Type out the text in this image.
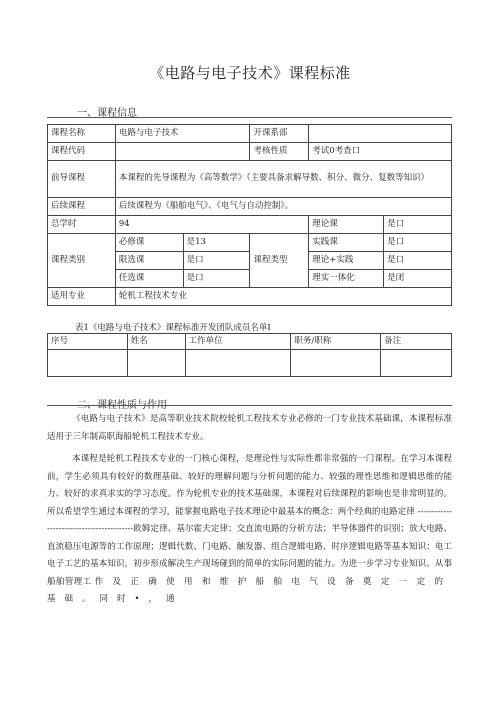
《电路与电子技术》课程标准
一、课程信息
课程名称	电路与电子技术		开课系部		
课程代码			考核性质	考试0考查口	
前导课程	本课程的先导课程为《高等数学》（主要具备求解导数、积分、微分、复数等知识）				
后续课程	后续课程为《船舶电气》、《电气与自动控制》。				
总学时	94			理论课	是口
课程类别	必修课	是13	课程类型	实践课	是口
	限选课	是口		理论+实践	是口
	任选课	是口		理实一体化	是闭
适用专业	轮机工程技术专业				
表1《电路与电子技术》课程标准开发团队成员名单I
序号	姓名	工作单位	职务/职称	备注

二、课程性质与作用
《电路与电子技术》是高等职业技术院校轮机工程技术专业必修的一门专业技术基础课，本课程标准适用于三年制高职海船轮机工程技术专业。
本课程是轮机工程技术专业的一门核心课程，是理论性与实际性都非常强的一门课程。在学习本课程前，学生必须具有较好的数理基础、较好的理解问题与分析问题的能力、较强的理性思维和逻辑思维的能力、较好的求真求实的学习态度。作为轮机专业的技术基础课，本课程对后续课程的影响也是非常明显的。所以希望学生通过本课程的学习，能掌握电路电子技术理论中最基本的概念：两个经典的电路定律 ------------------------------------------欧姆定律、基尔霍夫定律；交直流电路的分析方法；半导体器件的识别；放大电路、直流稳压电源等的工作原理；逻辑代数、门电路、触发器、组合逻辑电路、时序逻辑电路等基本知识；电工电子工艺的基本知识，初步形成解决生产现场碰到的简单的实际问题的能力。为进一步学习专业知识、从事船舶管理工 作及正确使用和维护船舶电气设备奠定一定的基础。同时•，通
